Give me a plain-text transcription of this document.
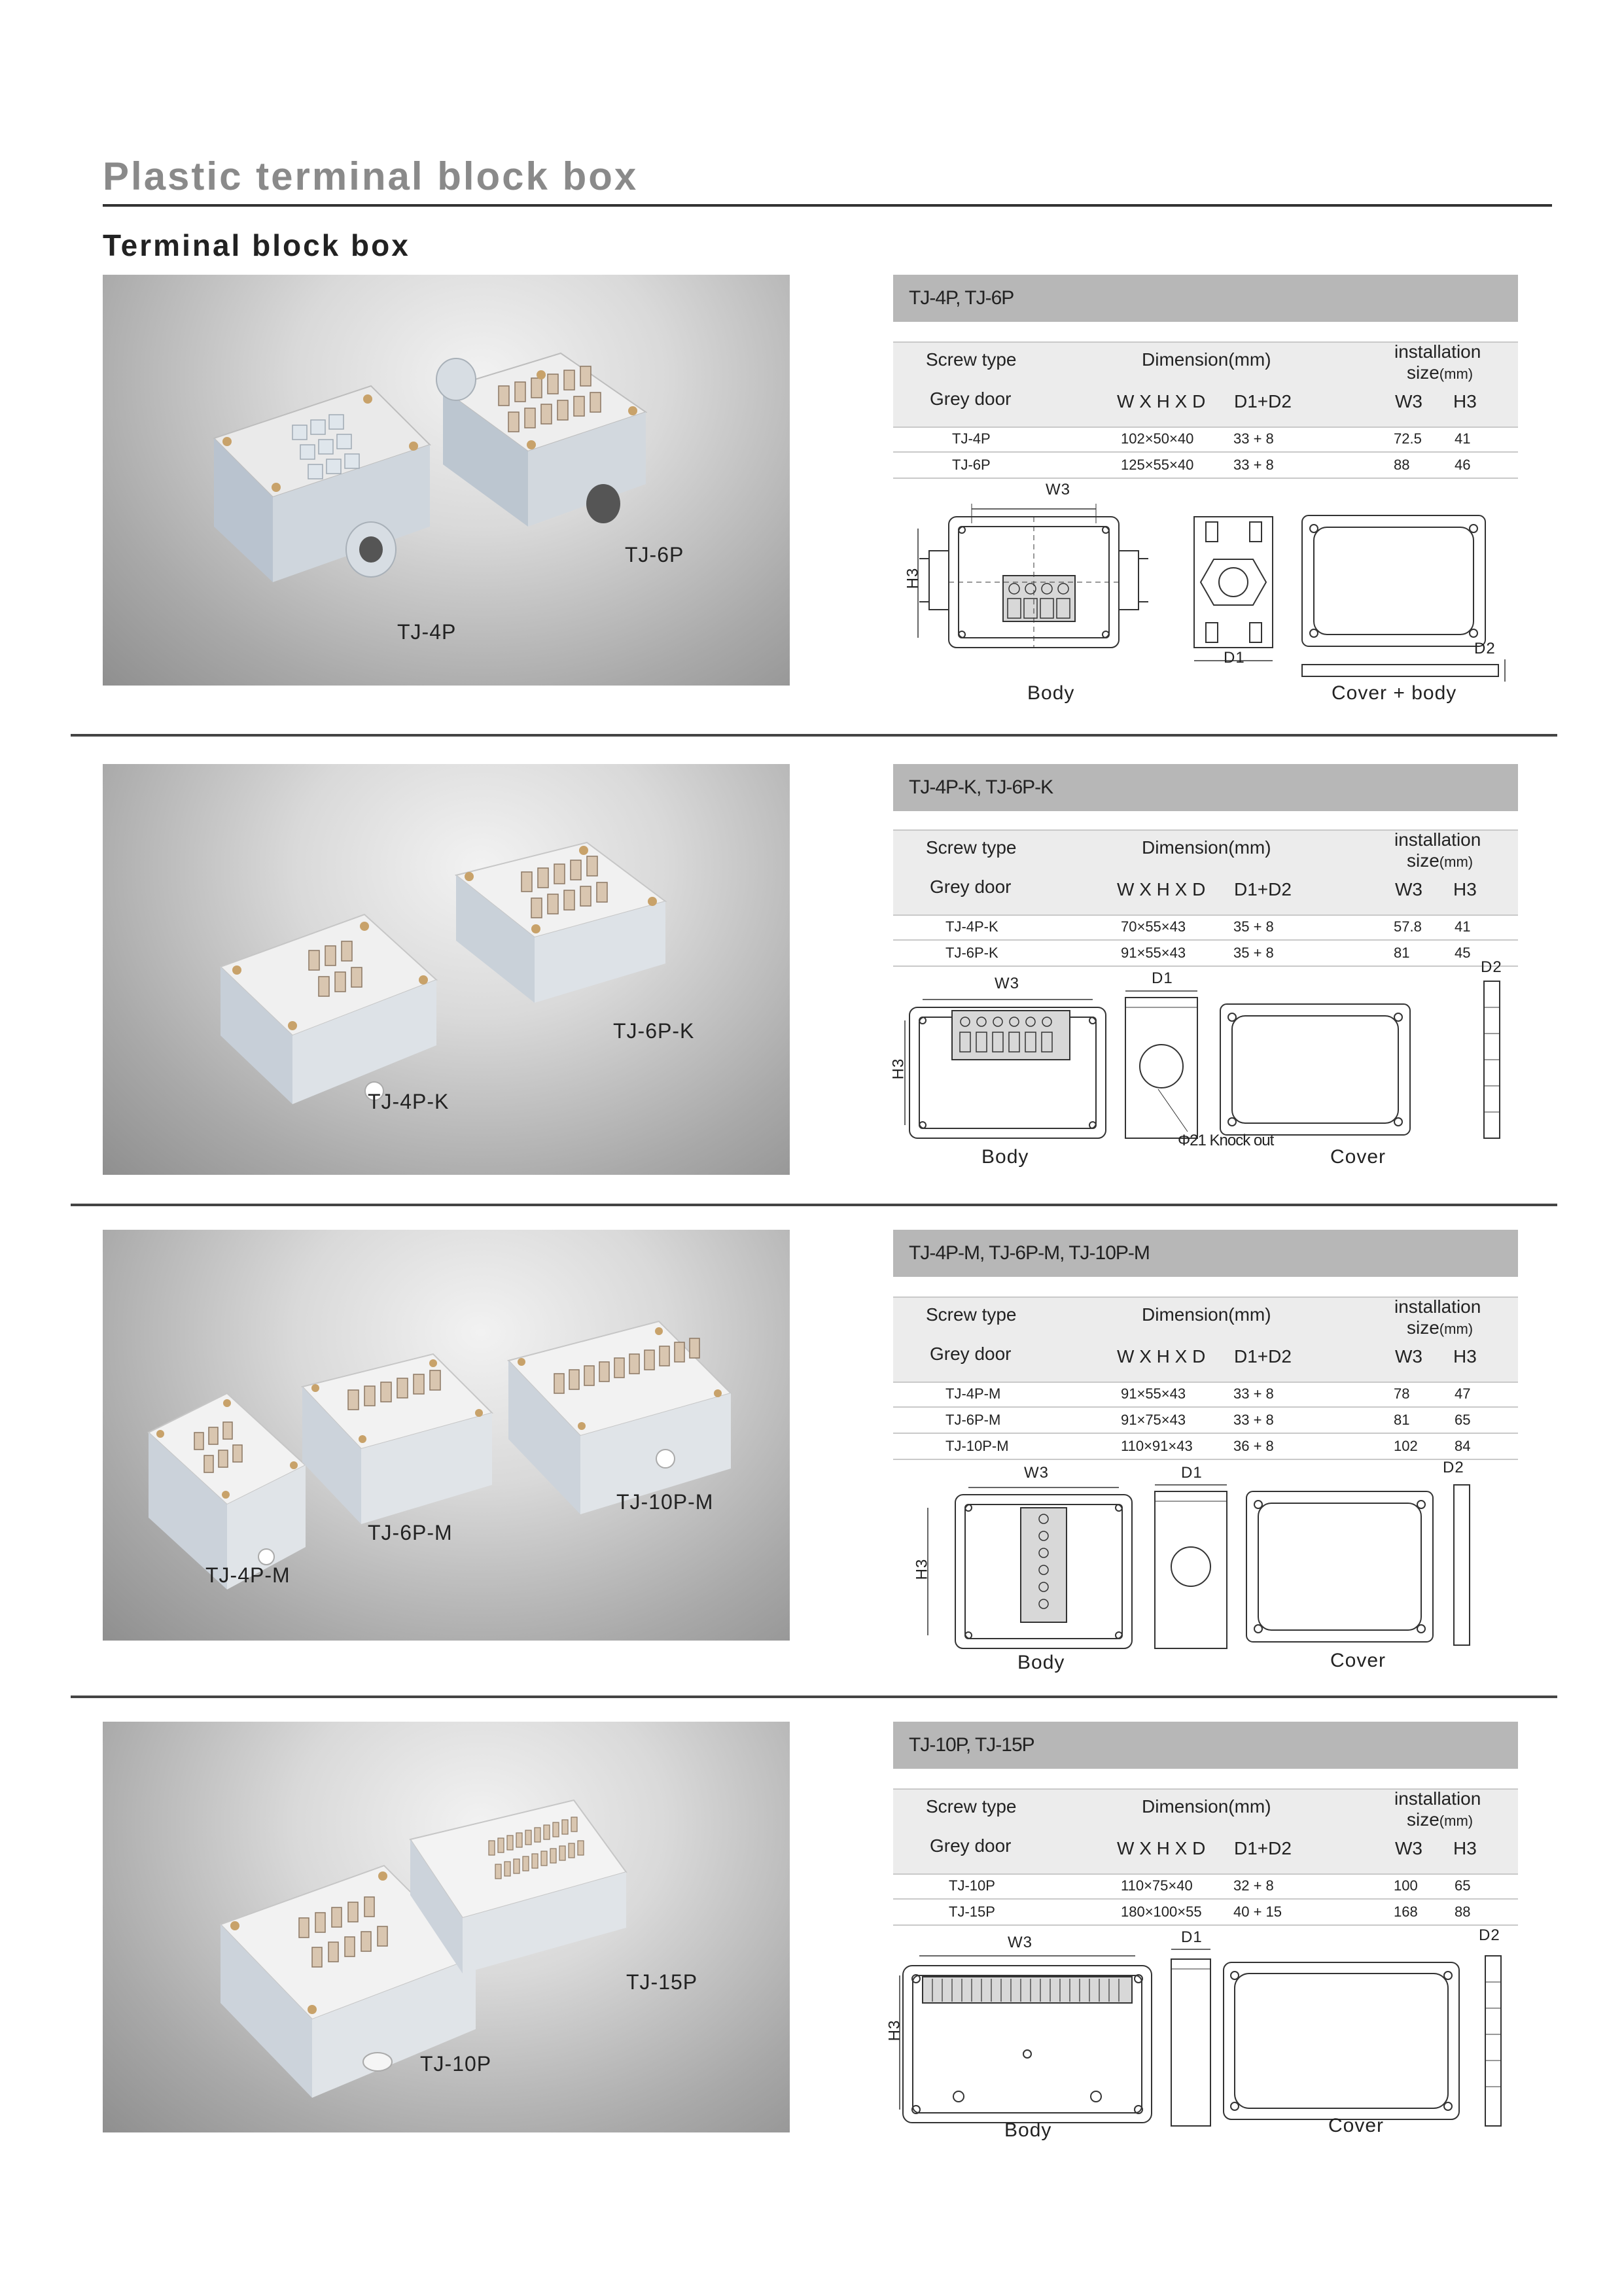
Plastic terminal block box
Terminal block box
TJ-6P
TJ-4P
TJ-4P, TJ-6P
Screw type
Grey door
Dimension(mm)	installation
size(mm)
W X H X D D1+D2	W3 H3
TJ-4P	102×50×40	33 + 8	72.5 41
TJ-6P	125×55×40	33 + 8	88	46
W3
H3
D1
D2
Body	Cover + body
TJ-6P-K
TJ-4P-K
TJ-4P-K, TJ-6P-K
Screw type
Grey door
Dimension(mm)	installation
size(mm)
W X H X D D1+D2	W3 H3
TJ-4P-K	70×55×43	35 + 8	57.8 41
TJ-6P-K	91×55×43	35 + 8	81	45
W3
H3
D1
D2
Φ21 Knock out
Body	Cover
TJ-10P-M
TJ-6P-M
TJ-4P-M
TJ-4P-M, TJ-6P-M, TJ-10P-M
Screw type
Grey door
Dimension(mm)	installation
size(mm)
W X H X D D1+D2	W3 H3
TJ-4P-M	91×55×43	33 + 8	78	47
TJ-6P-M	91×75×43	33 + 8	81	65
TJ-10P-M	110×91×43	36 + 8	102	84
W3
H3
D1	D2
Body	Cover
TJ-15P
TJ-10P
TJ-10P, TJ-15P
Screw type
Grey door
Dimension(mm)	installation
size(mm)
W X H X D D1+D2	W3 H3
TJ-10P	110×75×40	32 + 8	100	65
TJ-15P	180×100×55 40 + 15	168	88
W3
H3
D1	D2
Body	Cover
